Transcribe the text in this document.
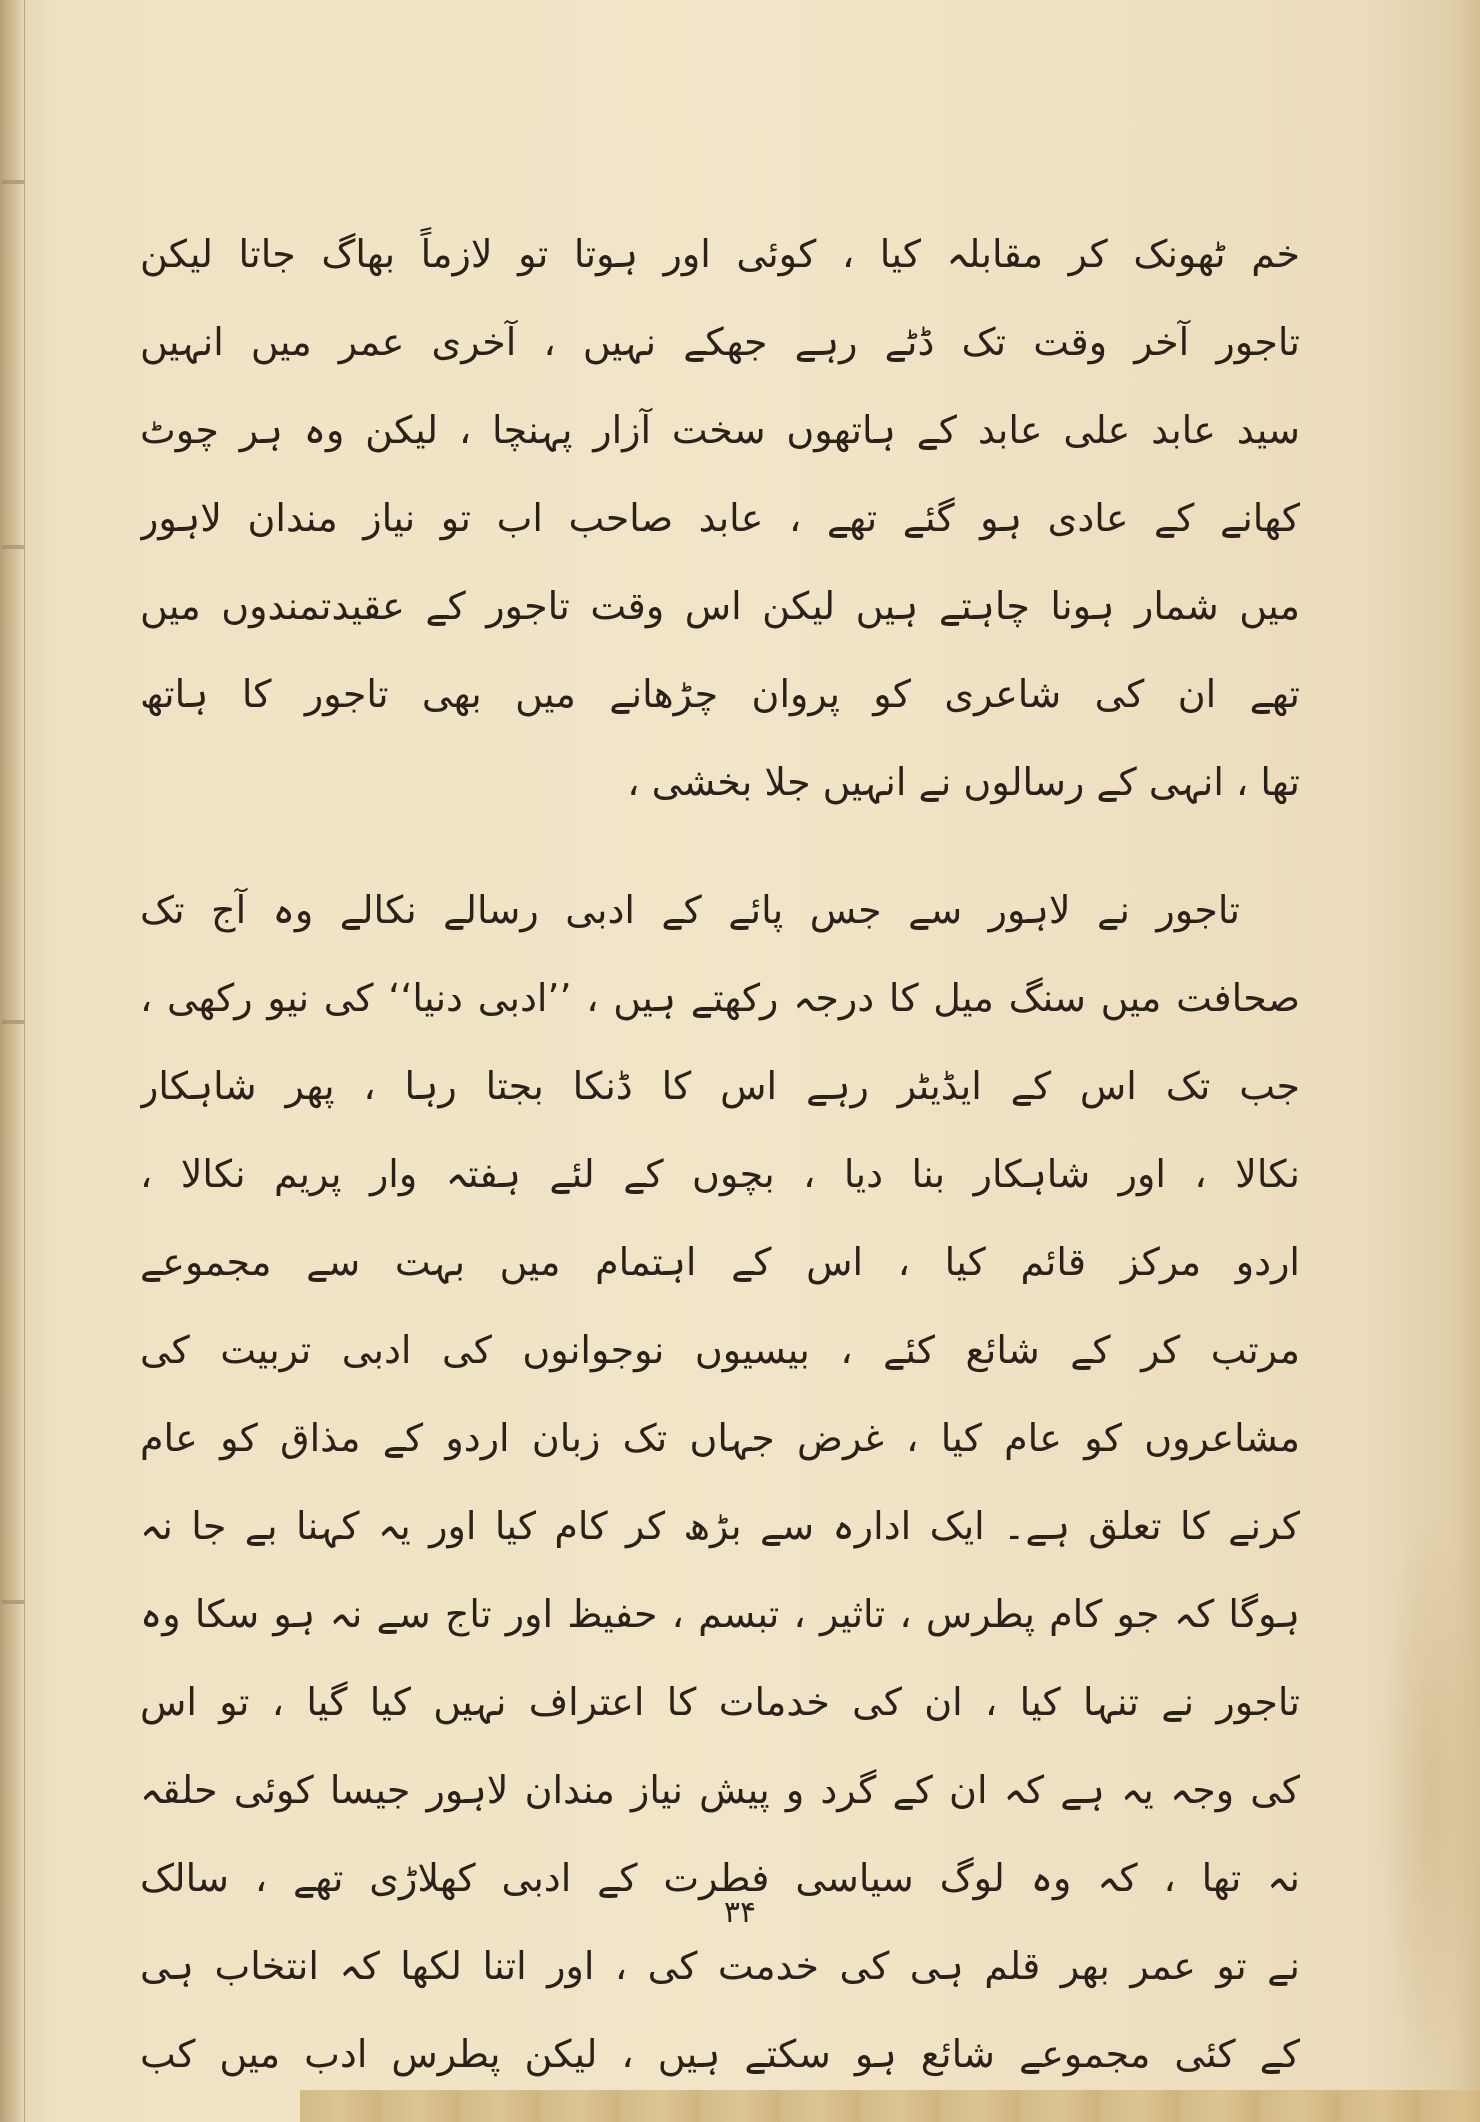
خم ٹھونک کر مقابلہ کیا ، کوئی اور ہوتا تو لازماً بھاگ جاتا لیکن
تاجور آخر وقت تک ڈٹے رہے جھکے نہیں ، آخری عمر میں انہیں
سید عابد علی عابد کے ہاتھوں سخت آزار پہنچا ، لیکن وہ ہر چوٹ
کھانے کے عادی ہو گئے تھے ، عابد صاحب اب تو نیاز مندان لاہور
میں شمار ہونا چاہتے ہیں لیکن اس وقت تاجور کے عقیدتمندوں میں
تھے ان کی شاعری کو پروان چڑھانے میں بھی تاجور کا ہاتھ
تھا ، انہی کے رسالوں نے انہیں جلا بخشی ،
تاجور نے لاہور سے جس پائے کے ادبی رسالے نکالے وہ آج تک
صحافت میں سنگ میل کا درجہ رکھتے ہیں ، ’’ادبی دنیا‘‘ کی نیو رکھی ،
جب تک اس کے ایڈیٹر رہے اس کا ڈنکا بجتا رہا ، پھر شاہکار
نکالا ، اور شاہکار بنا دیا ، بچوں کے لئے ہفتہ وار پریم نکالا ،
اردو مرکز قائم کیا ، اس کے اہتمام میں بہت سے مجموعے
مرتب کر کے شائع کئے ، بیسیوں نوجوانوں کی ادبی تربیت کی
مشاعروں کو عام کیا ، غرض جہاں تک زبان اردو کے مذاق کو عام
کرنے کا تعلق ہے۔ ایک ادارہ سے بڑھ کر کام کیا اور یہ کہنا بے جا نہ
ہوگا کہ جو کام پطرس ، تاثیر ، تبسم ، حفیظ اور تاج سے نہ ہو سکا وہ
تاجور نے تنہا کیا ، ان کی خدمات کا اعتراف نہیں کیا گیا ، تو اس
کی وجہ یہ ہے کہ ان کے گرد و پیش نیاز مندان لاہور جیسا کوئی حلقہ
نہ تھا ، کہ وہ لوگ سیاسی فطرت کے ادبی کھلاڑی تھے ، سالک
نے تو عمر بھر قلم ہی کی خدمت کی ، اور اتنا لکھا کہ انتخاب ہی
کے کئی مجموعے شائع ہو سکتے ہیں ، لیکن پطرس ادب میں کب
۳۴
